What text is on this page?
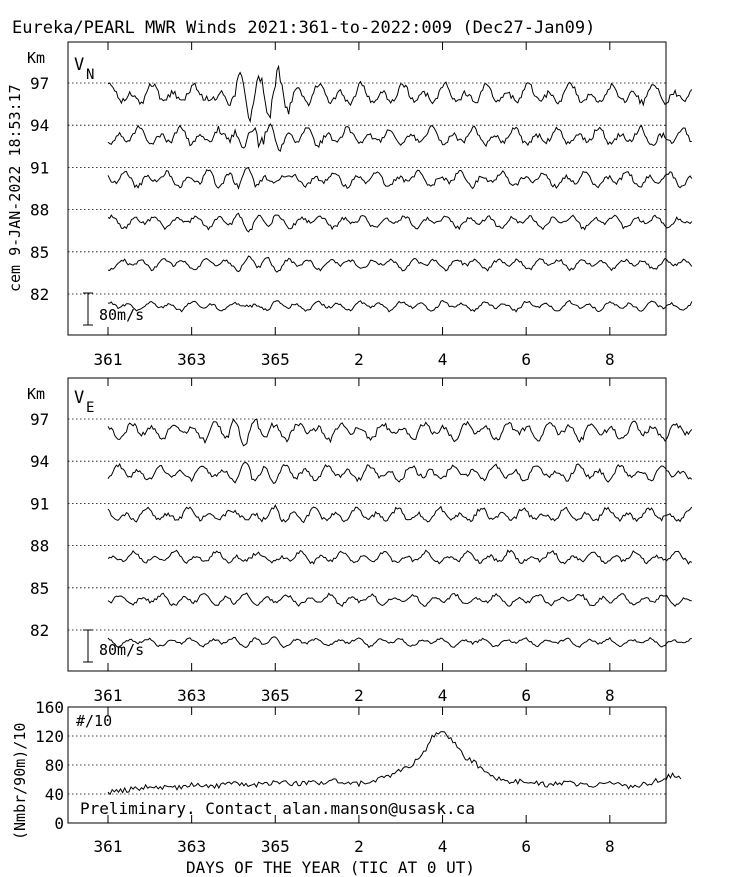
Eureka/PEARL MWR Winds 2021:361-to-2022:009 (Dec27-Jan09)
cem 9-JAN-2022 18:53:17
82
85
88
91
94
97
361	363	365	2	4	6	8
Km V N
80m/s
82
85
88
91
94
97
361	363	365	2	4	6	8
Km V E
80m/s
0
40
80
120
160
361	363	365	2	4	6	8
(Nmbr/90m)/10
#/10
Preliminary. Contact alan.manson@usask.ca
DAYS OF THE YEAR (TIC AT 0 UT)
